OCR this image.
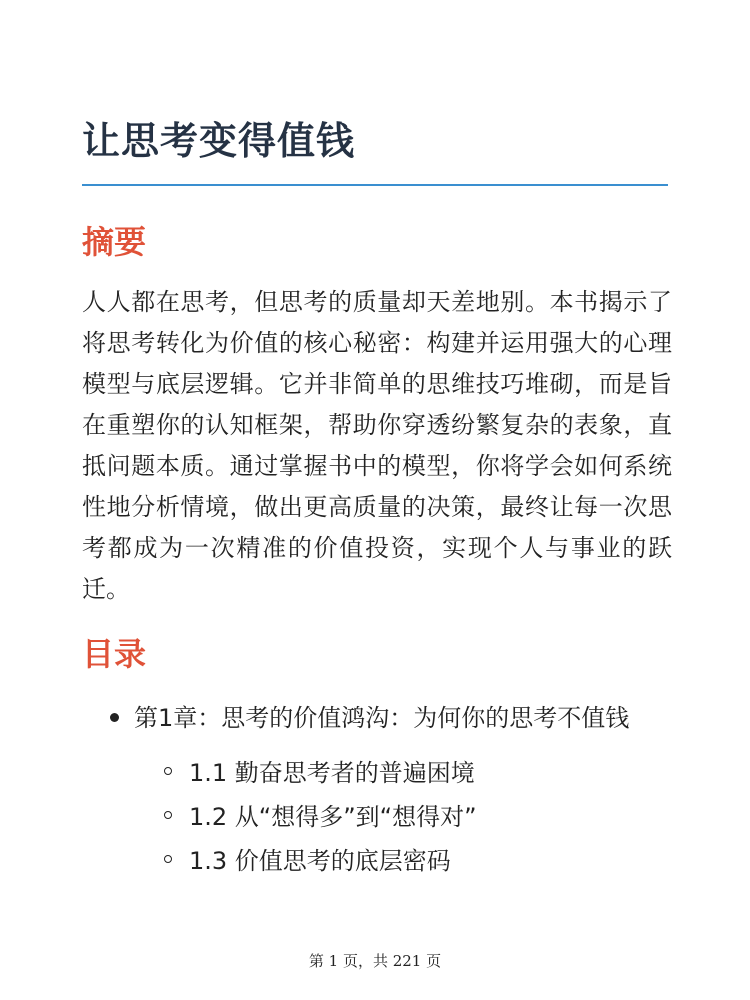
让思考变得值钱
摘要

人人都在思考，但思考的质量却天差地别。本书揭示了将思考转化为价值的核心秘密：构建并运用强大的心理模型与底层逻辑。它并非简单的思维技巧堆砌，而是旨在重塑你的认知框架，帮助你穿透纷繁复杂的表象，直抵问题本质。通过掌握书中的模型，你将学会如何系统性地分析情境，做出更高质量的决策，最终让每一次思考都成为一次精准的价值投资，实现个人与事业的跃迁。

目录
第1章：思考的价值鸿沟：为何你的思考不值钱
1.1 勤奋思考者的普遍困境
1.2 从“想得多”到“想得对”
1.3 价值思考的底层密码
第 1 页，共 221 页
